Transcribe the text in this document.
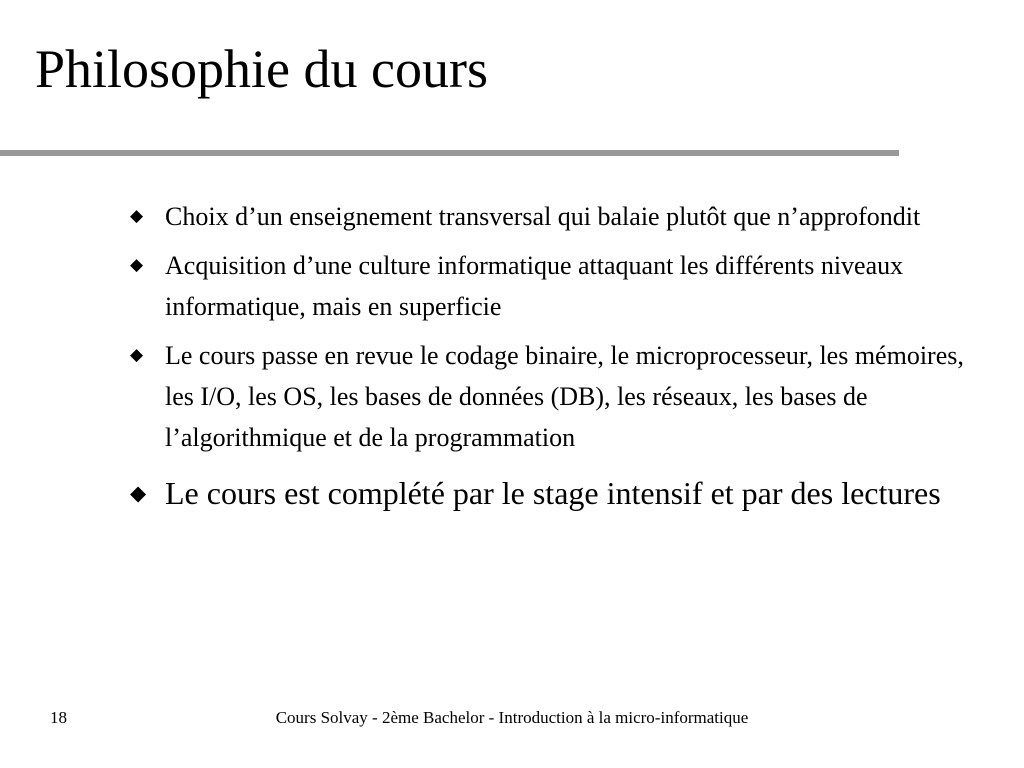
Philosophie du cours
◆ Choix d’un enseignement transversal qui balaie plutôt que n’approfondit
◆ Acquisition d’une culture informatique attaquant les différents niveaux informatique, mais en superficie
◆ Le cours passe en revue le codage binaire, le microprocesseur, les mémoires, les I/O, les OS, les bases de données (DB), les réseaux, les bases de l’algorithmique et de la programmation
◆ Le cours est complété par le stage intensif et par des lectures
18	Cours Solvay - 2ème Bachelor - Introduction à la micro-informatique
